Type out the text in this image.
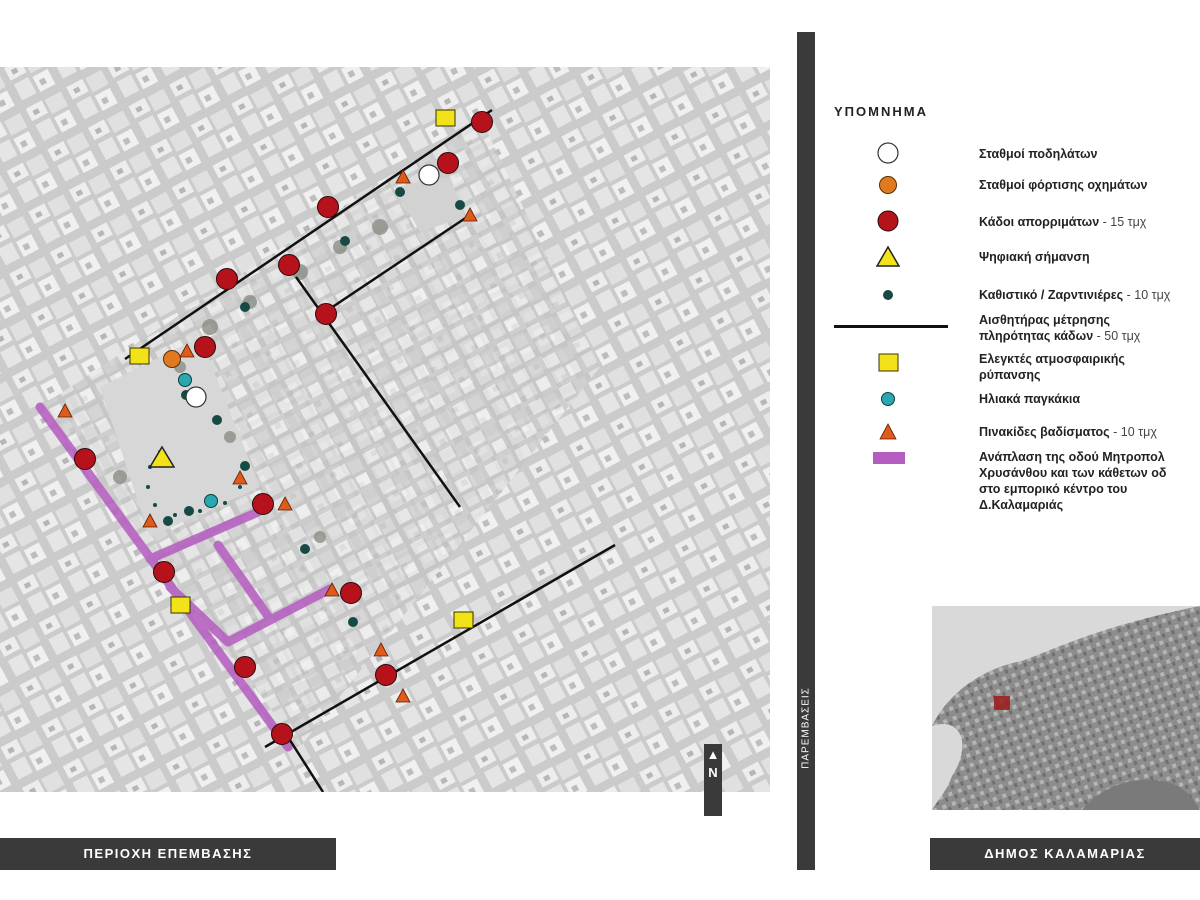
▲
N
ΠΕΡΙΟΧΗ ΕΠΕΜΒΑΣΗΣ
ΠΑΡΕΜΒΑΣΕΙΣ
ΥΠΟΜΝΗΜΑ
Σταθμοί ποδηλάτων
Σταθμοί φόρτισης οχημάτων
Κάδοι απορριμάτων - 15 τμχ
Ψηφιακή σήμανση
Καθιστικό / Ζαρντινιέρες - 10 τμχ
Αισθητήρας μέτρησης
πληρότητας κάδων - 50 τμχ
Ελεγκτές ατμοσφαιρικής
ρύπανσης
Ηλιακά παγκάκια
Πινακίδες βαδίσματος - 10 τμχ
Ανάπλαση της οδού Μητροπολ
Χρυσάνθου και των κάθετων οδ
στο εμπορικό κέντρο του
Δ.Καλαμαριάς
ΔΗΜΟΣ ΚΑΛΑΜΑΡΙΑΣ
